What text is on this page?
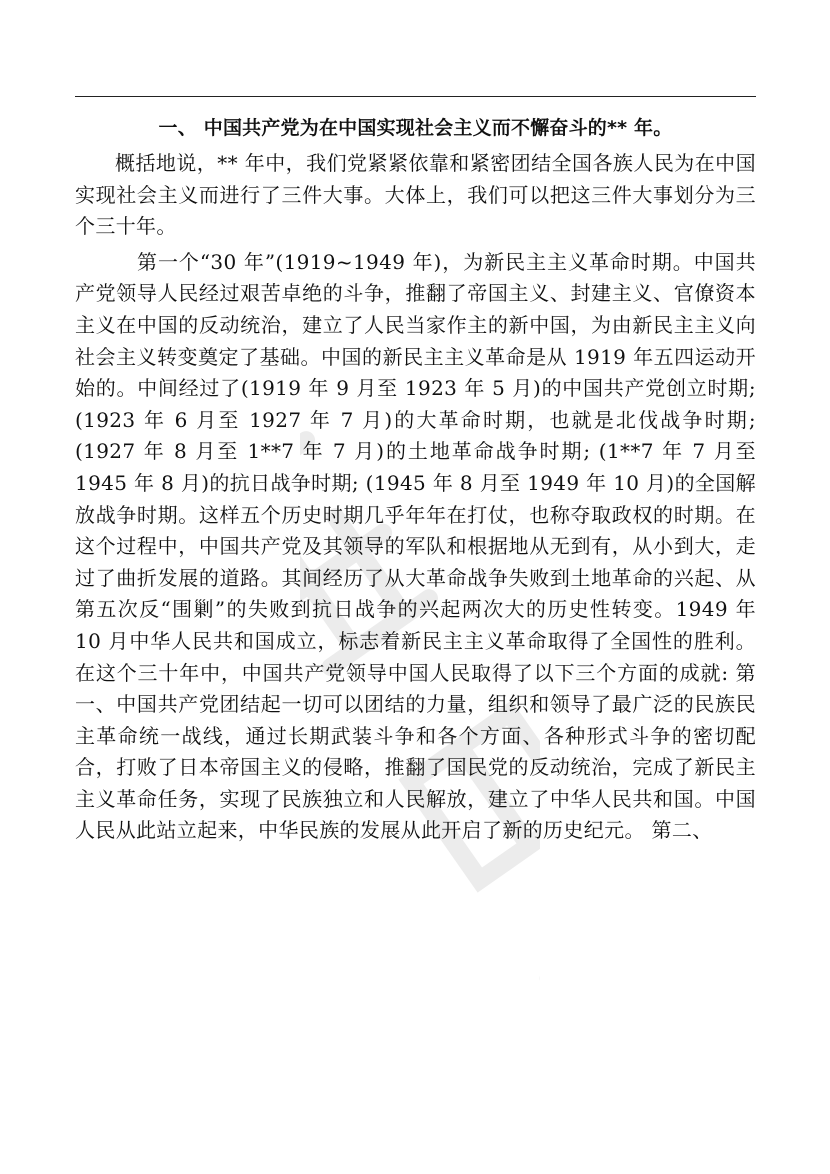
一、 中国共产党为在中国实现社会主义而不懈奋斗的** 年。

概括地说，** 年中，我们党紧紧依靠和紧密团结全国各族人民为在中国实现社会主义而进行了三件大事。大体上，我们可以把这三件大事划分为三个三十年。

第一个“30 年”(1919~1949 年)，为新民主主义革命时期。中国共产党领导人民经过艰苦卓绝的斗争，推翻了帝国主义、封建主义、官僚资本主义在中国的反动统治，建立了人民当家作主的新中国，为由新民主主义向社会主义转变奠定了基础。中国的新民主主义革命是从 1919 年五四运动开始的。中间经过了(1919 年 9 月至 1923 年 5 月)的中国共产党创立时期; (1923 年 6 月至 1927 年 7 月)的大革命时期，也就是北伐战争时期; (1927 年 8 月至 1**7 年 7 月)的土地革命战争时期; (1**7 年 7 月至 1945 年 8 月)的抗日战争时期; (1945 年 8 月至 1949 年 10 月)的全国解放战争时期。这样五个历史时期几乎年年在打仗，也称夺取政权的时期。在这个过程中，中国共产党及其领导的军队和根据地从无到有，从小到大，走过了曲折发展的道路。其间经历了从大革命战争失败到土地革命的兴起、从第五次反“围剿”的失败到抗日战争的兴起两次大的历史性转变。1949 年 10 月中华人民共和国成立，标志着新民主主义革命取得了全国性的胜利。在这个三十年中，中国共产党领导中国人民取得了以下三个方面的成就: 第一、中国共产党团结起一切可以团结的力量，组织和领导了最广泛的民族民主革命统一战线，通过长期武装斗争和各个方面、各种形式斗争的密切配合，打败了日本帝国主义的侵略，推翻了国民党的反动统治，完成了新民主主义革命任务，实现了民族独立和人民解放，建立了中华人民共和国。中国人民从此站立起来，中华民族的发展从此开启了新的历史纪元。 第二、
